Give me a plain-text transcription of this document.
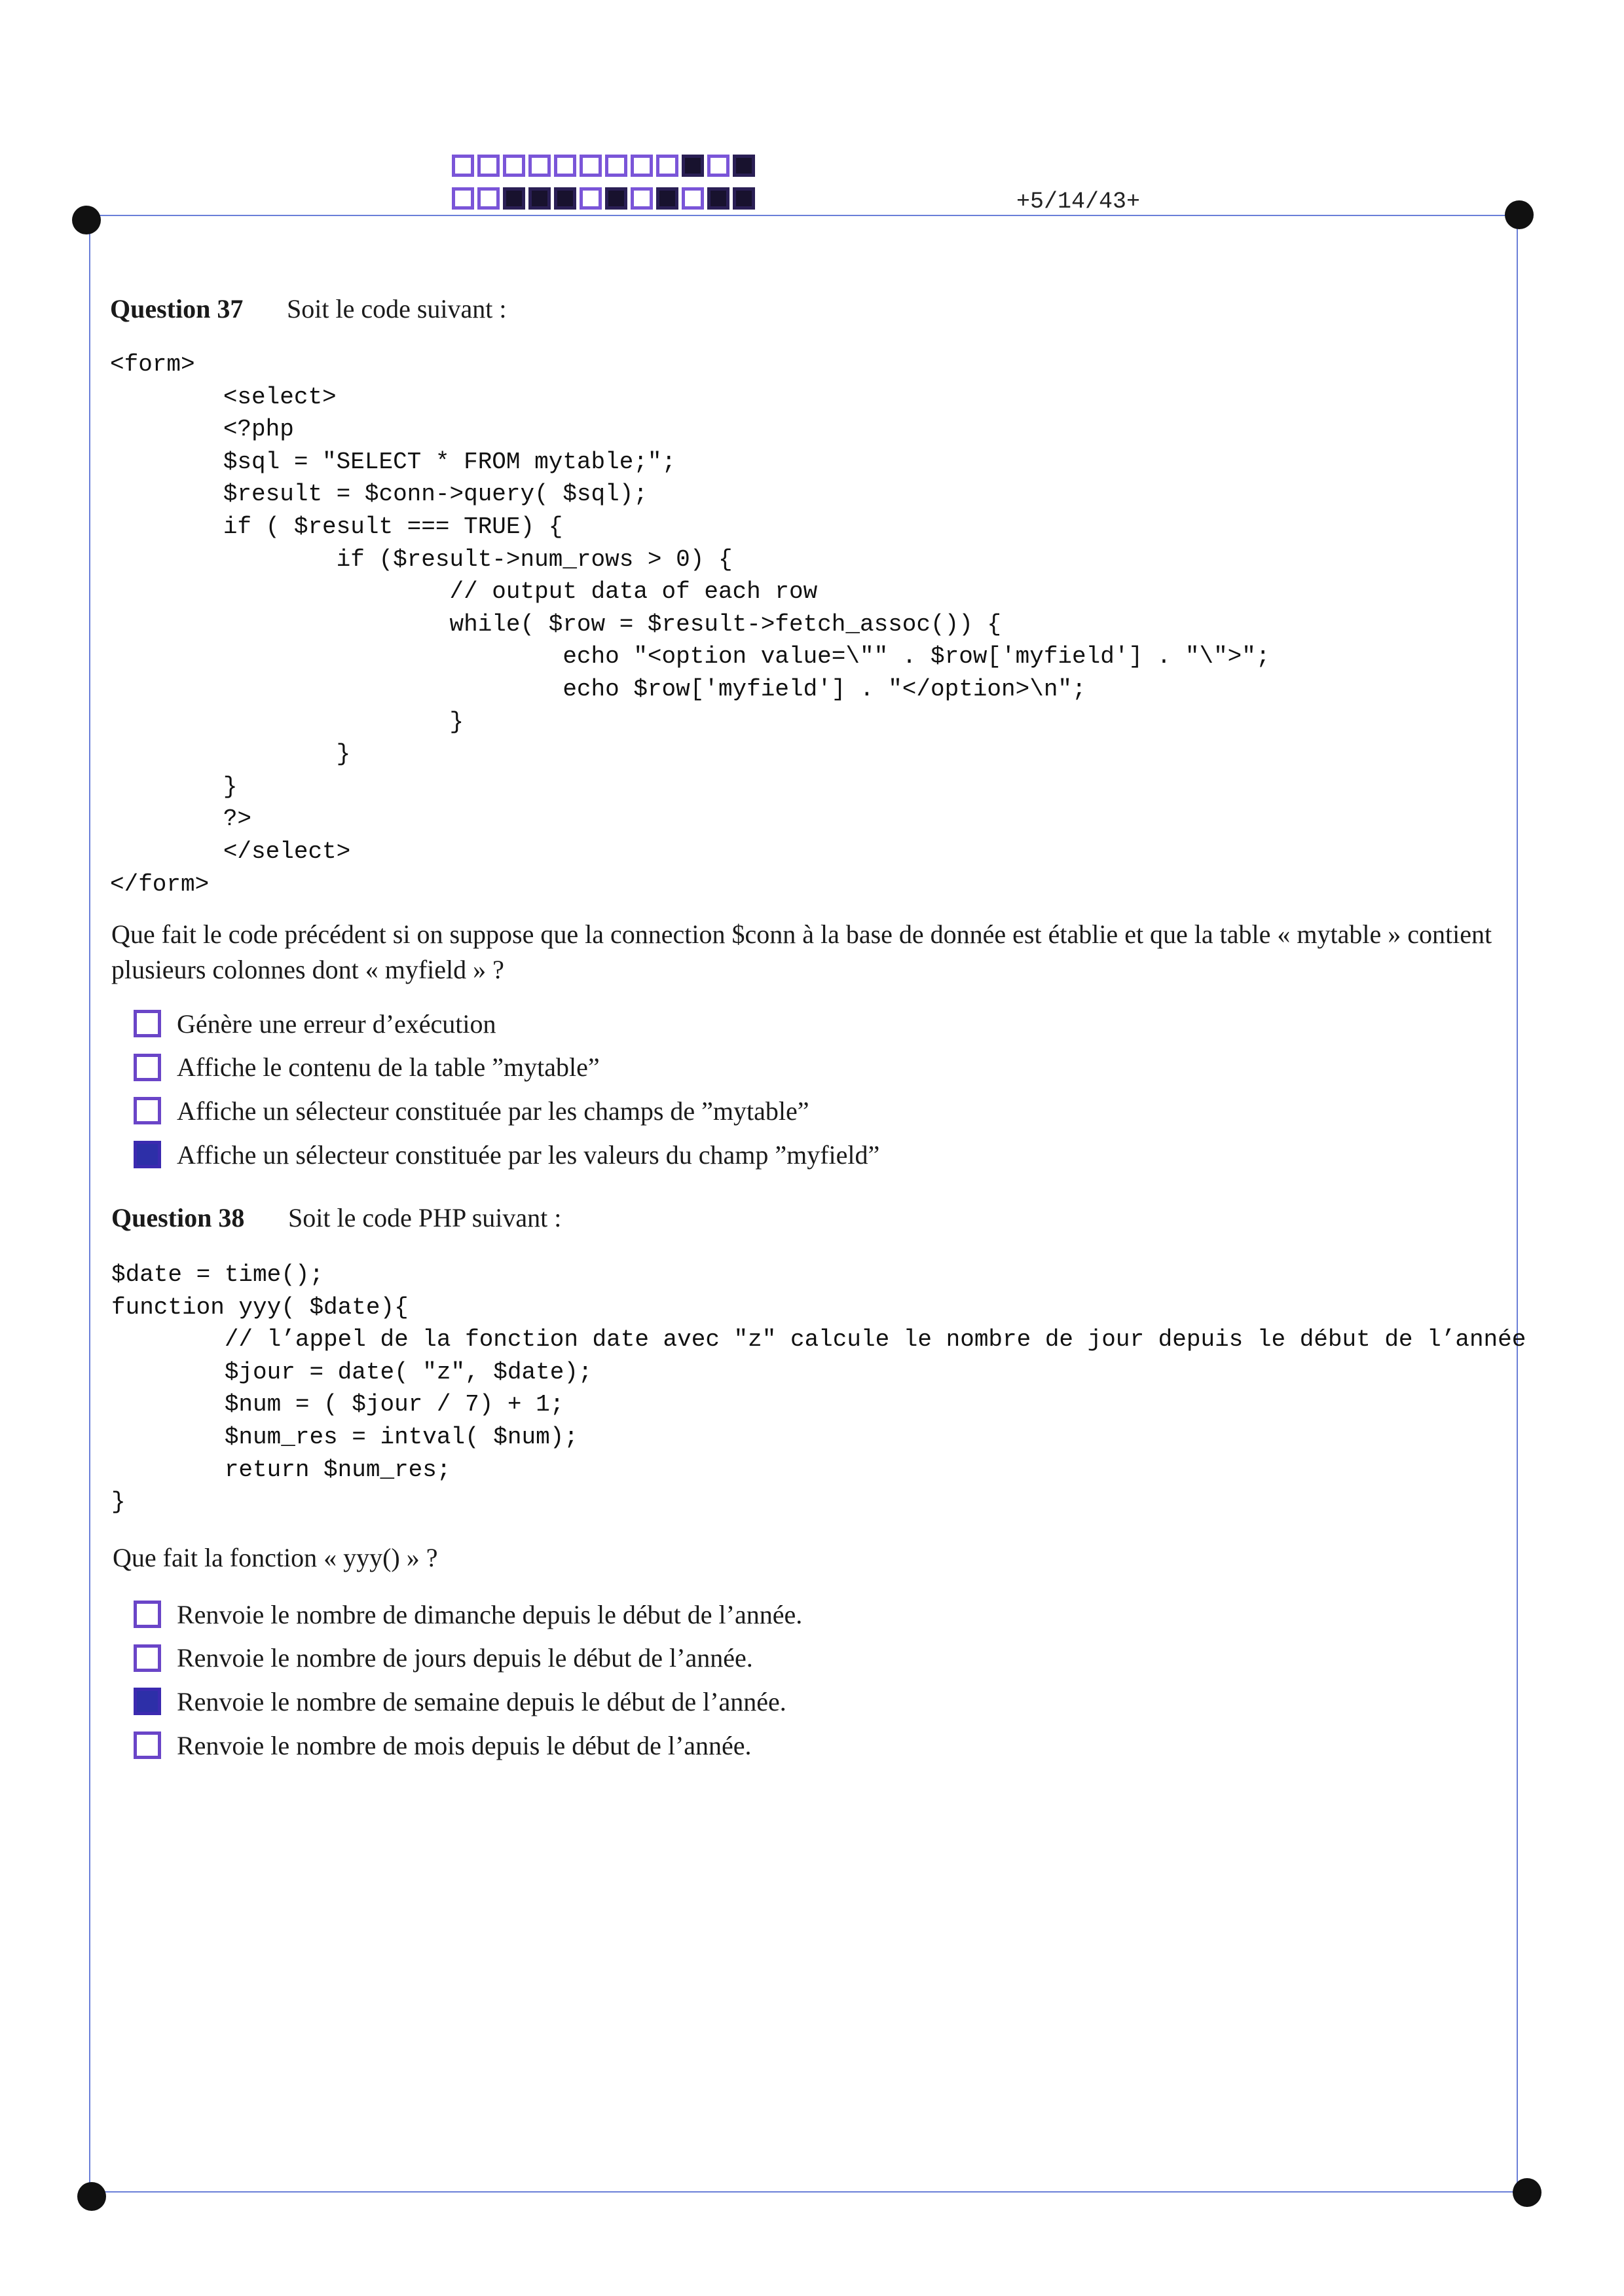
+5/14/43+
Question 37	Soit le code suivant :
<form>
<select>
<?php
$sql = "SELECT * FROM mytable;";
$result = $conn->query( $sql);
if ( $result === TRUE) {
if ($result->num_rows > 0) {
// output data of each row
while( $row = $result->fetch_assoc()) {
echo "<option value=\"" . $row['myfield'] . "\">";
echo $row['myfield'] . "</option>\n";
}
}
}
?>
</select>
</form>
Que fait le code précédent si on suppose que la connection $conn à la base de donnée est établie et que la table « mytable » contient plusieurs colonnes dont « myfield » ?
Génère une erreur d’exécution
Affiche le contenu de la table ”mytable”
Affiche un sélecteur constituée par les champs de ”mytable”
Affiche un sélecteur constituée par les valeurs du champ ”myfield”
Question 38	Soit le code PHP suivant :
$date = time();
function yyy( $date){
// l’appel de la fonction date avec "z" calcule le nombre de jour depuis le début de l’année
$jour = date( "z", $date);
$num = ( $jour / 7) + 1;
$num_res = intval( $num);
return $num_res;
}
Que fait la fonction « yyy() » ?
Renvoie le nombre de dimanche depuis le début de l’année.
Renvoie le nombre de jours depuis le début de l’année.
Renvoie le nombre de semaine depuis le début de l’année.
Renvoie le nombre de mois depuis le début de l’année.
